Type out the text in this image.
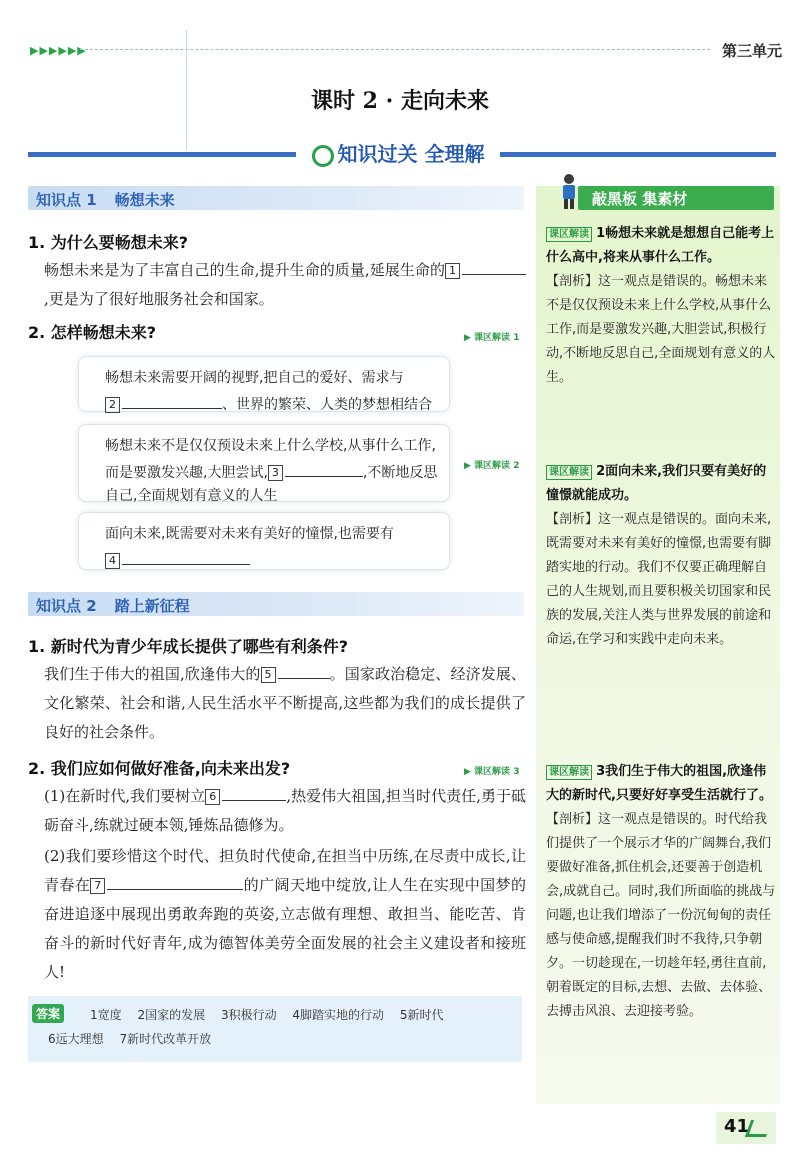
▶▶▶▶▶▶	第三单元
课时 2 · 走向未来
知识过关 全理解
知识点 1 畅想未来
1. 为什么要畅想未来?
畅想未来是为了丰富自己的生命,提升生命的质量,延展生命的 1,更是为了很好地服务社会和国家。
2. 怎样畅想未来?	▶ 课区解读 1
畅想未来需要开阔的视野,把自己的爱好、需求与
2	、世界的繁荣、人类的梦想相结合
畅想未来不是仅仅预设未来上什么学校,从事什么工作,而是要激发兴趣,大胆尝试, 3	,不断地反思自己,全面规划有意义的人生
▶ 课区解读 2
面向未来,既需要对未来有美好的憧憬,也需要有
4
知识点 2 踏上新征程
1. 新时代为青少年成长提供了哪些有利条件?
我们生于伟大的祖国,欣逢伟大的 5	。国家政治稳定、经济发展、文化繁荣、社会和谐,人民生活水平不断提高,这些都为我们的成长提供了良好的社会条件。
2. 我们应如何做好准备,向未来出发?	▶ 课区解读 3
(1)在新时代,我们要树立 6	,热爱伟大祖国,担当时代责任,勇于砥砺奋斗,练就过硬本领,锤炼品德修为。
(2)我们要珍惜这个时代、担负时代使命,在担当中历练,在尽责中成长,让青春在 7	的广阔天地中绽放,让人生在实现中国梦的奋进追逐中展现出勇敢奔跑的英姿,立志做有理想、敢担当、能吃苦、肯奋斗的新时代好青年,成为德智体美劳全面发展的社会主义建设者和接班人!
答案	1宽度 2国家的发展 3积极行动 4脚踏实地的行动 5新时代
6远大理想 7新时代改革开放
敲黑板 集素材
课区解读 1畅想未来就是想想自己能考上什么高中,将来从事什么工作。
【剖析】这一观点是错误的。畅想未来不是仅仅预设未来上什么学校,从事什么工作,而是要激发兴趣,大胆尝试,积极行动,不断地反思自己,全面规划有意义的人生。
课区解读 2面向未来,我们只要有美好的憧憬就能成功。
【剖析】这一观点是错误的。面向未来,既需要对未来有美好的憧憬,也需要有脚踏实地的行动。我们不仅要正确理解自己的人生规划,而且要积极关切国家和民族的发展,关注人类与世界发展的前途和命运,在学习和实践中走向未来。
课区解读 3我们生于伟大的祖国,欣逢伟大的新时代,只要好好享受生活就行了。
【剖析】这一观点是错误的。时代给我们提供了一个展示才华的广阔舞台,我们要做好准备,抓住机会,还要善于创造机会,成就自己。同时,我们所面临的挑战与问题,也让我们增添了一份沉甸甸的责任感与使命感,提醒我们时不我待,只争朝夕。一切趁现在,一切趁年轻,勇往直前,朝着既定的目标,去想、去做、去体验、去搏击风浪、去迎接考验。
41
